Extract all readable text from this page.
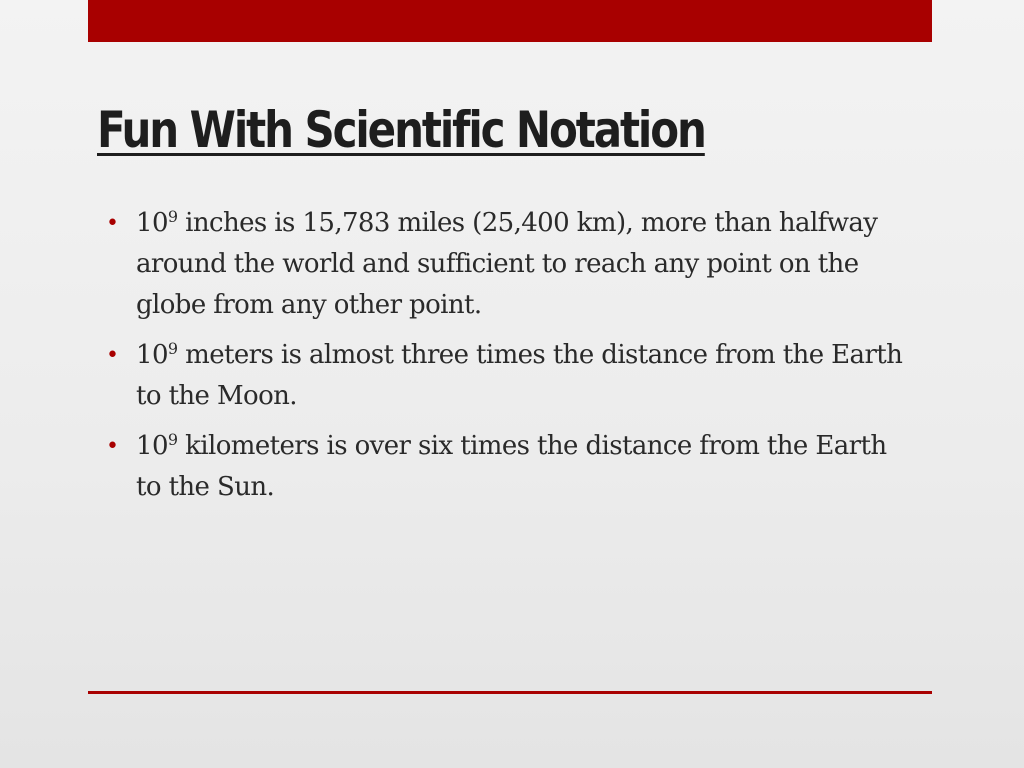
Fun With Scientific Notation
• $10^9$ inches is 15,783 miles (25,400 km), more than halfway around the world and sufficient to reach any point on the globe from any other point.
• $10^9$ meters is almost three times the distance from the Earth to the Moon.
• $10^9$ kilometers is over six times the distance from the Earth to the Sun.
